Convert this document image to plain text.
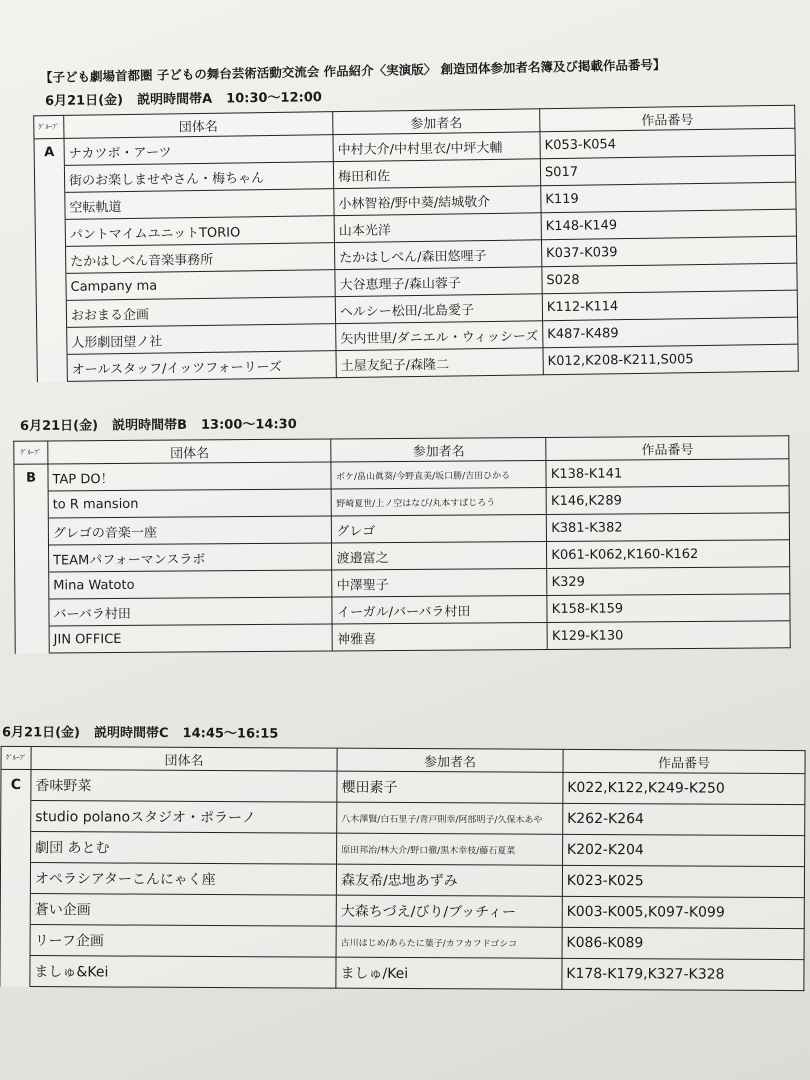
【子ども劇場首都圏 子どもの舞台芸術活動交流会 作品紹介〈実演版〉 創造団体参加者名簿及び掲載作品番号】
6月21日(金) 説明時間帯A 10:30〜12:00
6月21日(金) 説明時間帯B 13:00〜14:30
6月21日(金) 説明時間帯C 14:45〜16:15
ｸﾞﾙｰﾌﾟ	団体名	参加者名	作品番号
A	ナカツボ・アーツ	中村大介/中村里衣/中坪大輔	K053-K054
	街のお楽しませやさん・梅ちゃん	梅田和佐	S017
	空転軌道	小林智裕/野中葵/結城敬介	K119
	パントマイムユニットTORIO	山本光洋	K148-K149
	たかはしべん音楽事務所	たかはしべん/森田悠哩子	K037-K039
	Campany ma	大谷恵理子/森山蓉子	S028
	おおまる企画	ヘルシー松田/北島愛子	K112-K114
	人形劇団望ノ社	矢内世里/ダニエル・ウィッシーズ	K487-K489
	オールスタッフ/イッツフォーリーズ	土屋友紀子/森隆二	K012,K208-K211,S005
ｸﾞﾙｰﾌﾟ	団体名	参加者名	作品番号
B	TAP DO！	ボケ/畠山眞葵/今野直美/坂口勝/吉田ひかる	K138-K141
	to R mansion	野崎夏世/上ノ空はなび/丸本すぱじろう	K146,K289
	グレゴの音楽一座	グレゴ	K381-K382
	TEAMパフォーマンスラボ	渡邉富之	K061-K062,K160-K162
	Mina Watoto	中澤聖子	K329
	バーバラ村田	イーガル/バーバラ村田	K158-K159
	JIN OFFICE	神雅喜	K129-K130
ｸﾞﾙｰﾌﾟ	団体名	参加者名	作品番号
C	香味野菜	櫻田素子	K022,K122,K249-K250
	studio polanoスタジオ・ポラーノ	八木澤賢/白石里子/青戸則幸/阿部明子/久保木あや	K262-K264
	劇団 あとむ	原田邦治/林大介/野口徹/黒木幸枝/藤石夏菜	K202-K204
	オペラシアターこんにゃく座	森友希/忠地あずみ	K023-K025
	蒼い企画	大森ちづえ/びり/ブッチィー	K003-K005,K097-K099
	リーフ企画	古川はじめ/あらたに葉子/カフカフドゴシコ	K086-K089
	ましゅ&Kei	ましゅ/Kei	K178-K179,K327-K328
